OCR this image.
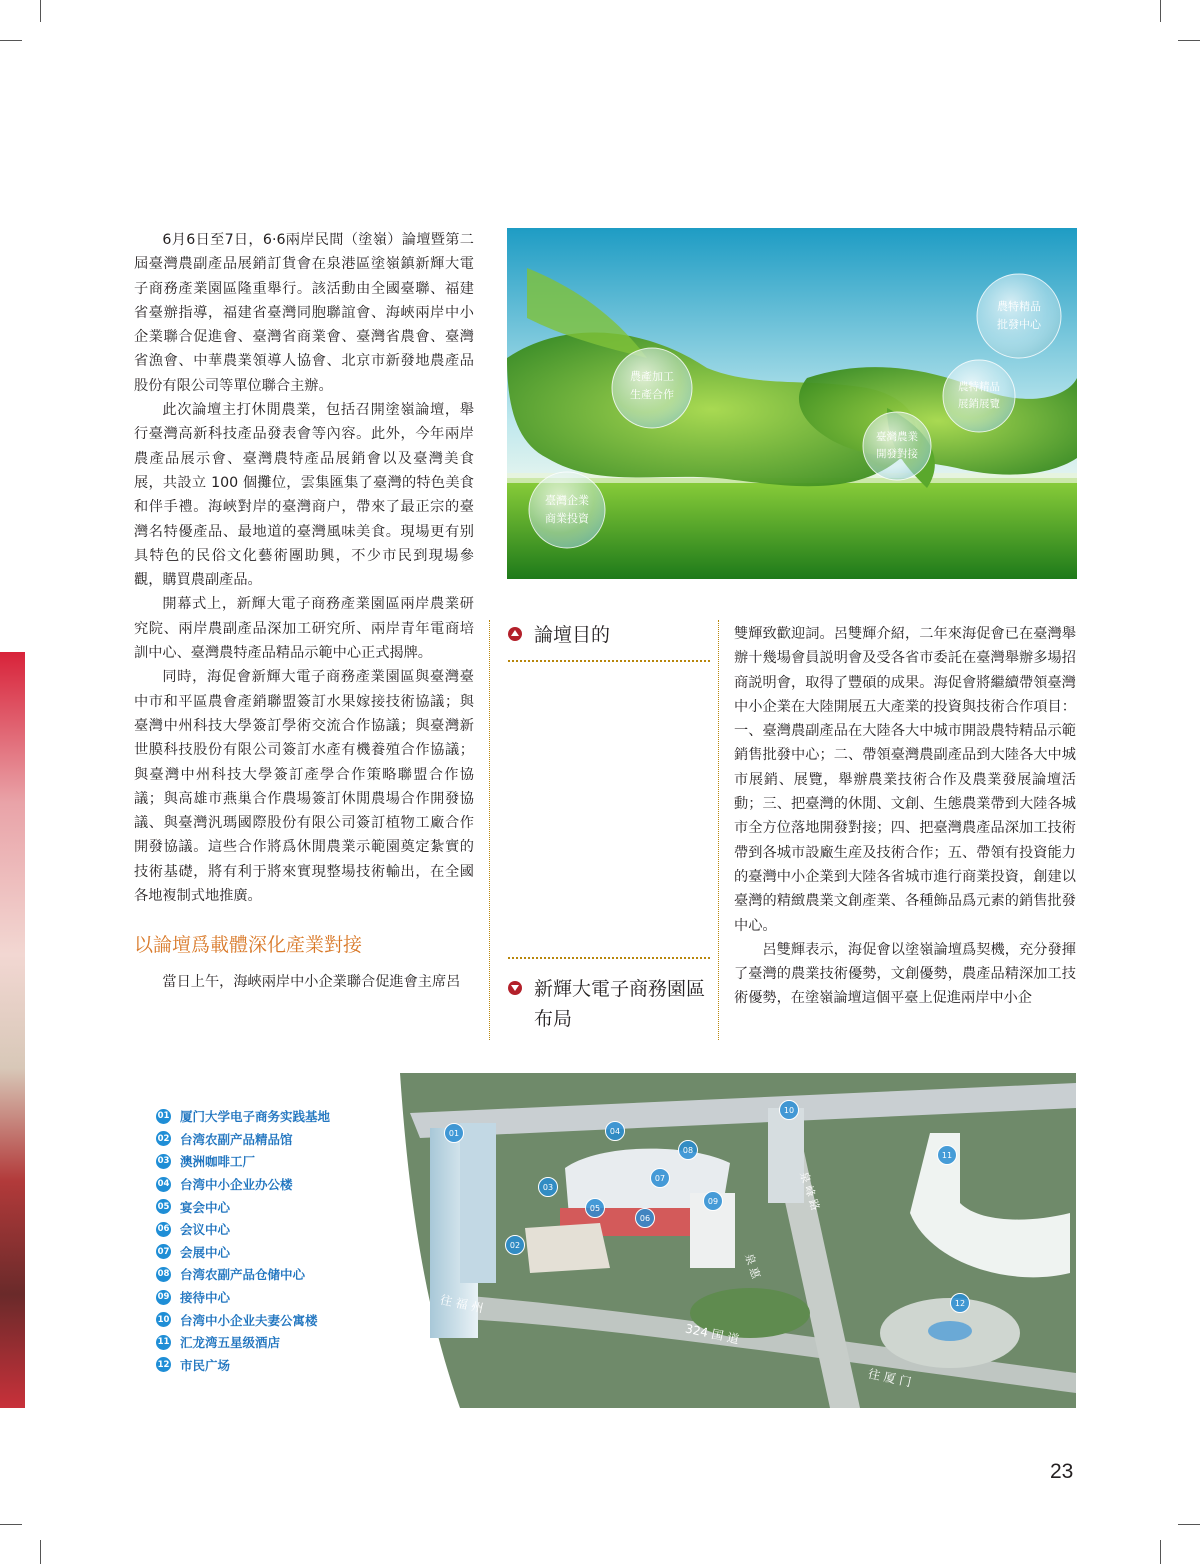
6月6日至7日，6·6兩岸民間（塗嶺）論壇暨第二屆臺灣農副產品展銷訂貨會在泉港區塗嶺鎮新輝大電子商務產業園區隆重舉行。該活動由全國臺聯、福建省臺辦指導，福建省臺灣同胞聯誼會、海峽兩岸中小企業聯合促進會、臺灣省商業會、臺灣省農會、臺灣省漁會、中華農業領導人協會、北京市新發地農產品股份有限公司等單位聯合主辦。

此次論壇主打休閒農業，包括召開塗嶺論壇，舉行臺灣高新科技產品發表會等內容。此外，今年兩岸農產品展示會、臺灣農特產品展銷會以及臺灣美食展，共設立 100 個攤位，雲集匯集了臺灣的特色美食和伴手禮。海峽對岸的臺灣商户，帶來了最正宗的臺灣名特優產品、最地道的臺灣風味美食。現場更有别具特色的民俗文化藝術團助興，不少市民到現場參觀，購買農副產品。

開幕式上，新輝大電子商務產業園區兩岸農業研究院、兩岸農副產品深加工研究所、兩岸青年電商培訓中心、臺灣農特產品精品示範中心正式揭牌。

同時，海促會新輝大電子商務產業園區與臺灣臺中市和平區農會產銷聯盟簽訂水果嫁接技術協議；與臺灣中州科技大學簽訂學術交流合作協議；與臺灣新世膜科技股份有限公司簽訂水產有機養殖合作協議；與臺灣中州科技大學簽訂產學合作策略聯盟合作協議；與高雄市燕巢合作農場簽訂休閒農場合作開發協議、與臺灣汎瑪國際股份有限公司簽訂植物工廠合作開發協議。這些合作將爲休閒農業示範園奠定紮實的技術基礎，將有利于將來實現整場技術輸出，在全國各地複制式地推廣。

以論壇爲載體深化產業對接

當日上午，海峽兩岸中小企業聯合促進會主席呂

農產加工
生產合作
農特精品
批發中心
農特精品
展銷展覽
臺灣農業
開發對接
臺灣企業
商業投資
論壇目的
新輝大電子商務園區
布局

雙輝致歡迎詞。呂雙輝介紹，二年來海促會已在臺灣舉辦十幾場會員説明會及受各省市委託在臺灣舉辦多場招商説明會，取得了豐碩的成果。海促會將繼續帶領臺灣中小企業在大陸開展五大產業的投資與技術合作項目：一、臺灣農副產品在大陸各大中城市開設農特精品示範銷售批發中心；二、帶領臺灣農副產品到大陸各大中城市展銷、展覽，舉辦農業技術合作及農業發展論壇活動；三、把臺灣的休閒、文創、生態農業帶到大陸各城市全方位落地開發對接；四、把臺灣農產品深加工技術帶到各城市設廠生産及技術合作；五、帶領有投資能力的臺灣中小企業到大陸各省城市進行商業投資，創建以臺灣的精緻農業文創產業、各種飾品爲元素的銷售批發中心。

呂雙輝表示，海促會以塗嶺論壇爲契機，充分發揮了臺灣的農業技術優勢，文創優勢，農產品精深加工技術優勢，在塗嶺論壇這個平臺上促進兩岸中小企

01
02
03
04
05
06
07
08
09
10
11
12
往 福 州
324 国 道
往 厦 门
泉 峰 路
泉 惠
01 厦门大学电子商务实践基地
02 台湾农副产品精品馆
03 澳洲咖啡工厂
04 台湾中小企业办公楼
05 宴会中心
06 会议中心
07 会展中心
08 台湾农副产品仓储中心
09 接待中心
10 台湾中小企业夫妻公寓楼
11 汇龙湾五星级酒店
12 市民广场
23
